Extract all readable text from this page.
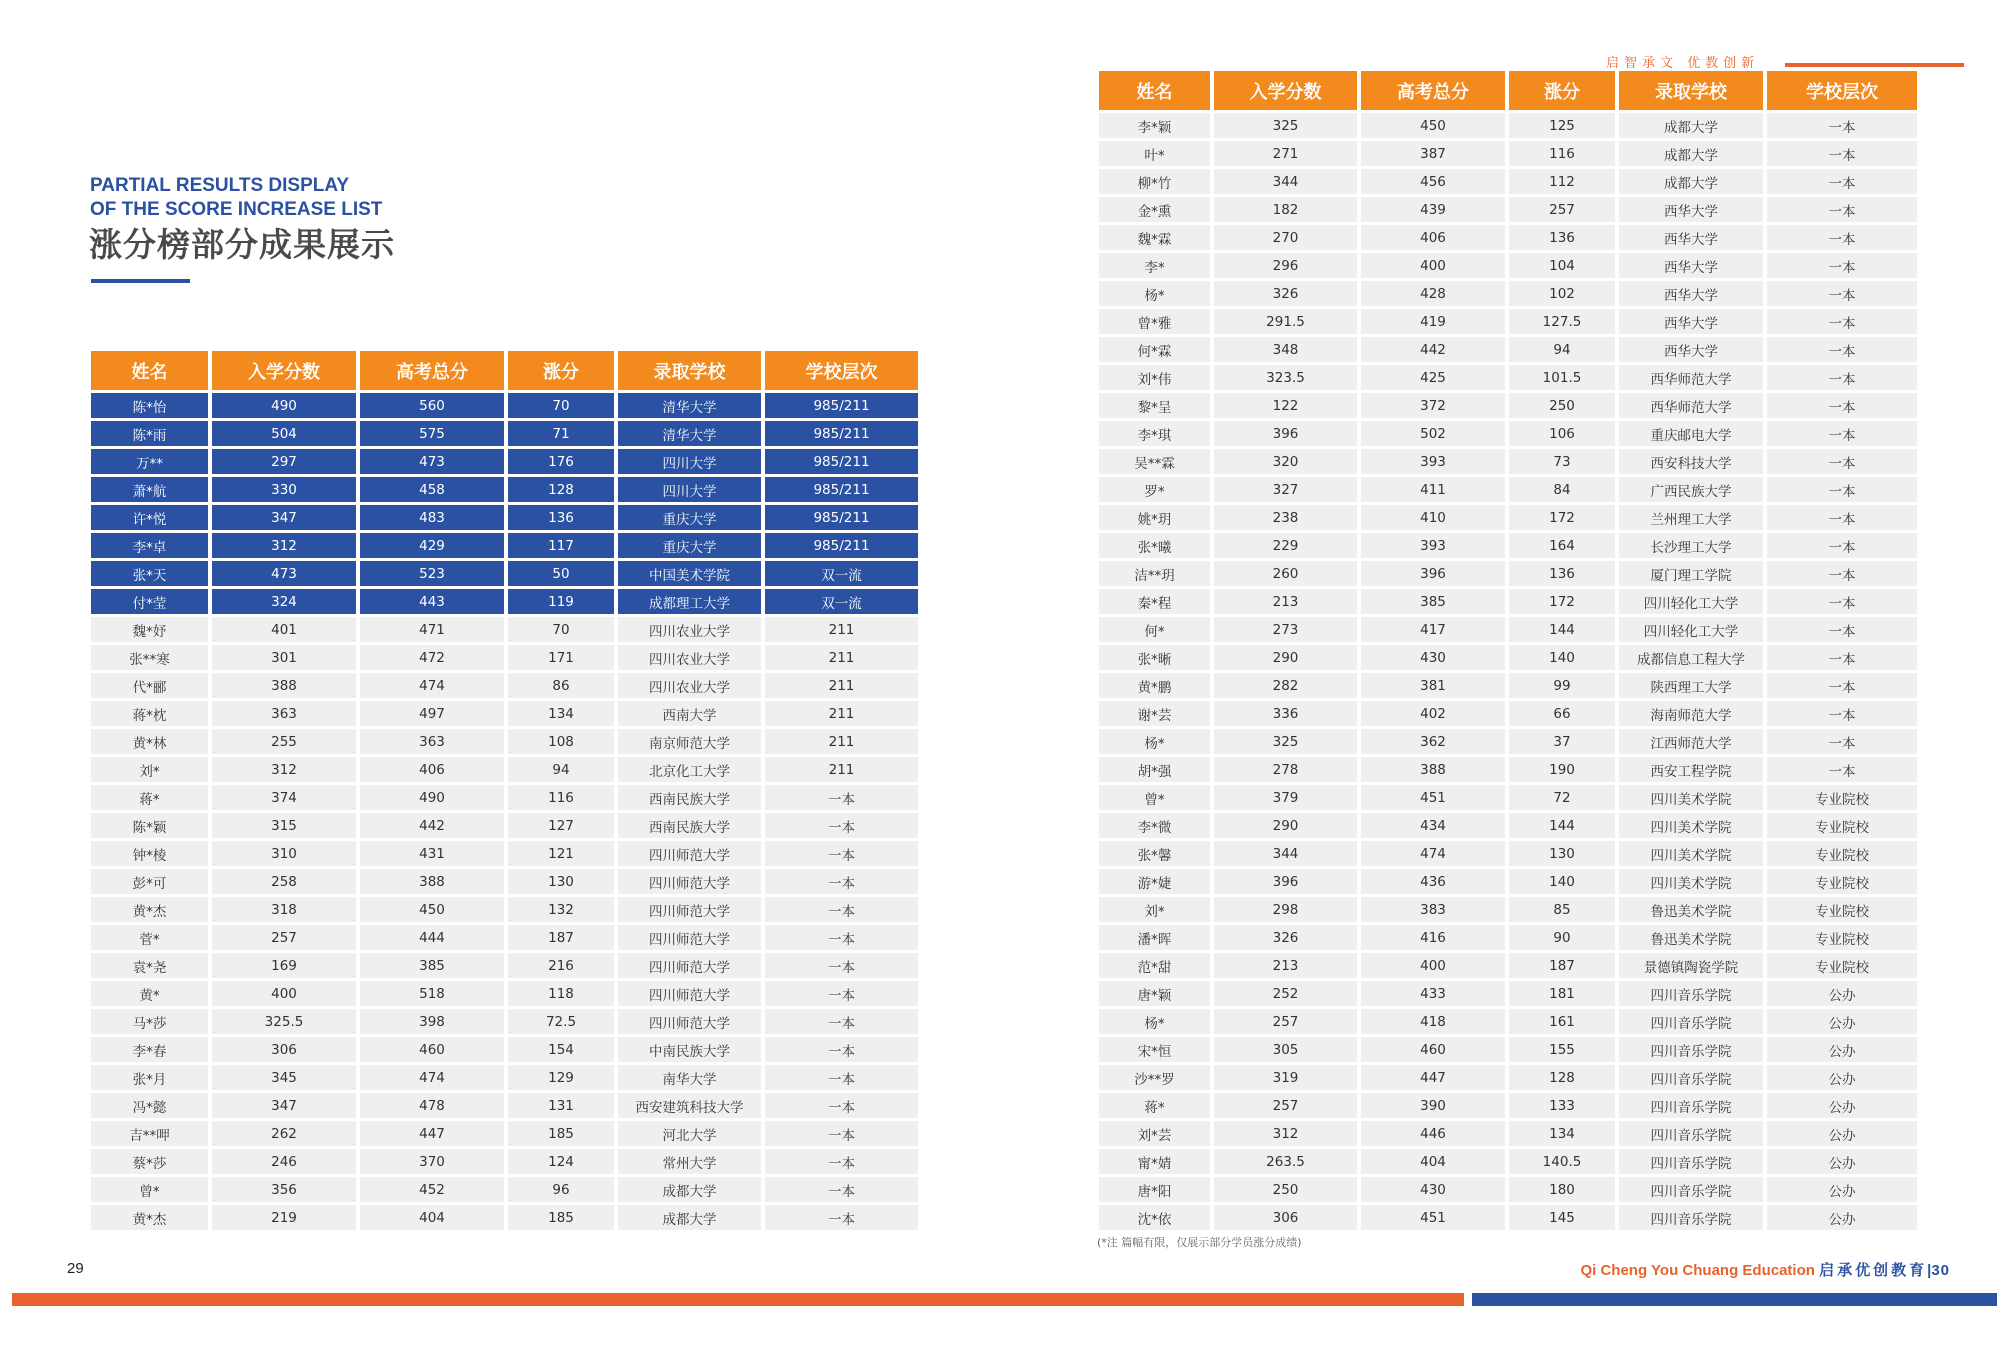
PARTIAL RESULTS DISPLAY
OF THE SCORE INCREASE LIST
涨分榜部分成果展示
启智承文 优教创新
姓名	入学分数	高考总分	涨分	录取学校	学校层次
陈*怡	490	560	70	清华大学	985/211
陈*雨	504	575	71	清华大学	985/211
万**	297	473	176	四川大学	985/211
萧*航	330	458	128	四川大学	985/211
许*悦	347	483	136	重庆大学	985/211
李*卓	312	429	117	重庆大学	985/211
张*天	473	523	50	中国美术学院	双一流
付*莹	324	443	119	成都理工大学	双一流
魏*妤	401	471	70	四川农业大学	211
张**寒	301	472	171	四川农业大学	211
代*郦	388	474	86	四川农业大学	211
蒋*枕	363	497	134	西南大学	211
黄*林	255	363	108	南京师范大学	211
刘*	312	406	94	北京化工大学	211
蒋*	374	490	116	西南民族大学	一本
陈*颖	315	442	127	西南民族大学	一本
钟*棱	310	431	121	四川师范大学	一本
彭*可	258	388	130	四川师范大学	一本
黄*杰	318	450	132	四川师范大学	一本
菅*	257	444	187	四川师范大学	一本
袁*尧	169	385	216	四川师范大学	一本
黄*	400	518	118	四川师范大学	一本
马*莎	325.5	398	72.5	四川师范大学	一本
李*春	306	460	154	中南民族大学	一本
张*月	345	474	129	南华大学	一本
冯*懿	347	478	131	西安建筑科技大学	一本
吉**呷	262	447	185	河北大学	一本
蔡*莎	246	370	124	常州大学	一本
曾*	356	452	96	成都大学	一本
黄*杰	219	404	185	成都大学	一本
姓名	入学分数	高考总分	涨分	录取学校	学校层次
李*颖	325	450	125	成都大学	一本
叶*	271	387	116	成都大学	一本
柳*竹	344	456	112	成都大学	一本
金*熏	182	439	257	西华大学	一本
魏*霖	270	406	136	西华大学	一本
李*	296	400	104	西华大学	一本
杨*	326	428	102	西华大学	一本
曾*雅	291.5	419	127.5	西华大学	一本
何*霖	348	442	94	西华大学	一本
刘*伟	323.5	425	101.5	西华师范大学	一本
黎*呈	122	372	250	西华师范大学	一本
李*琪	396	502	106	重庆邮电大学	一本
吴**霖	320	393	73	西安科技大学	一本
罗*	327	411	84	广西民族大学	一本
姚*玥	238	410	172	兰州理工大学	一本
张*曦	229	393	164	长沙理工大学	一本
洁**玥	260	396	136	厦门理工学院	一本
秦*程	213	385	172	四川轻化工大学	一本
何*	273	417	144	四川轻化工大学	一本
张*晰	290	430	140	成都信息工程大学	一本
黄*鹏	282	381	99	陕西理工大学	一本
谢*芸	336	402	66	海南师范大学	一本
杨*	325	362	37	江西师范大学	一本
胡*强	278	388	190	西安工程学院	一本
曾*	379	451	72	四川美术学院	专业院校
李*微	290	434	144	四川美术学院	专业院校
张*馨	344	474	130	四川美术学院	专业院校
游*婕	396	436	140	四川美术学院	专业院校
刘*	298	383	85	鲁迅美术学院	专业院校
潘*晖	326	416	90	鲁迅美术学院	专业院校
范*甜	213	400	187	景德镇陶瓷学院	专业院校
唐*颖	252	433	181	四川音乐学院	公办
杨*	257	418	161	四川音乐学院	公办
宋*恒	305	460	155	四川音乐学院	公办
沙**罗	319	447	128	四川音乐学院	公办
蒋*	257	390	133	四川音乐学院	公办
刘*芸	312	446	134	四川音乐学院	公办
甯*婧	263.5	404	140.5	四川音乐学院	公办
唐*阳	250	430	180	四川音乐学院	公办
沈*依	306	451	145	四川音乐学院	公办
(*注 篇幅有限，仅展示部分学员涨分成绩)
29	Qi Cheng You Chuang Education 启承优创教育|30
